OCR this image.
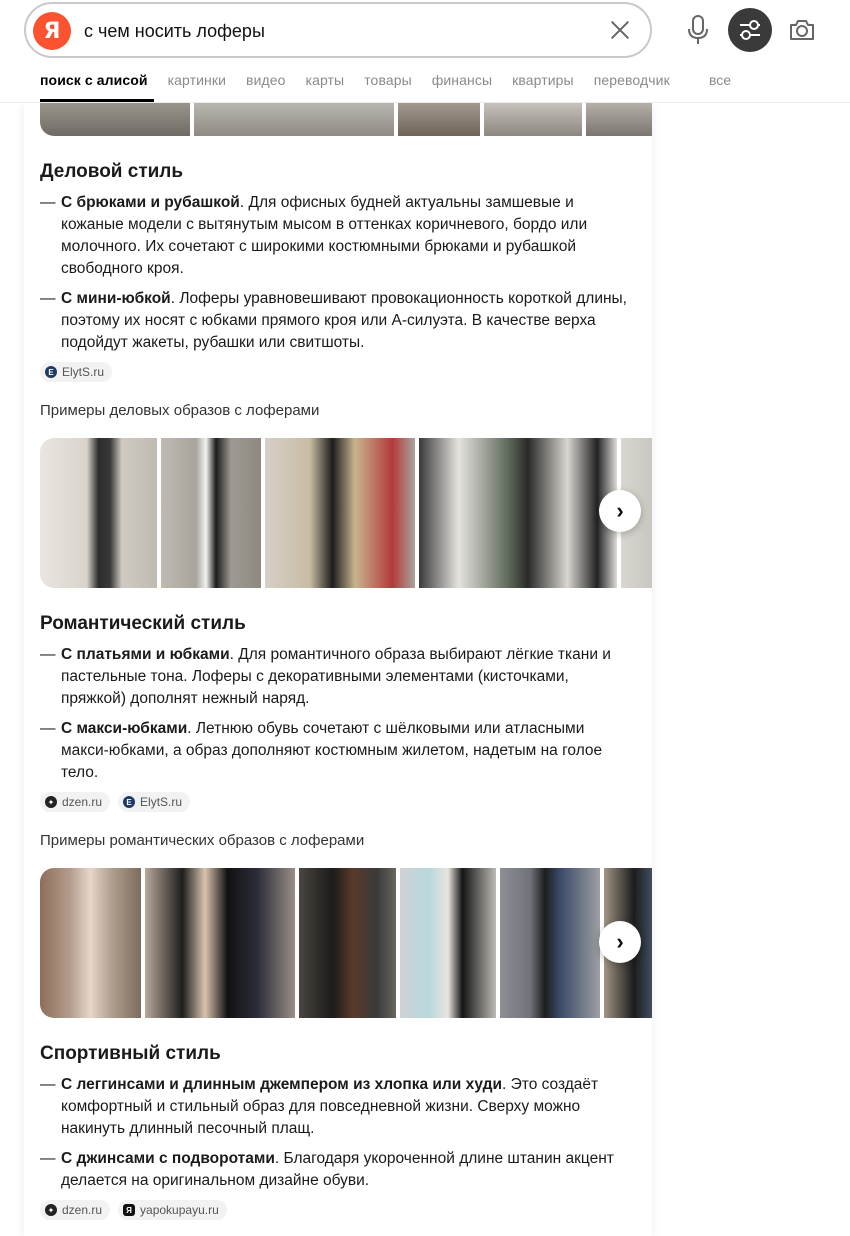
Я	с чем носить лоферы
поиск с алисой картинки видео карты товары финансы квартиры переводчик	все
Деловой стиль
— С брюками и рубашкой. Для офисных будней актуальны замшевые и кожаные модели с вытянутым мысом в оттенках коричневого, бордо или молочного. Их сочетают с широкими костюмными брюками и рубашкой свободного кроя.
— С мини-юбкой. Лоферы уравновешивают провокационность короткой длины, поэтому их носят с юбками прямого кроя или А-силуэта. В качестве верха подойдут жакеты, рубашки или свитшоты.
E ElytS.ru
Примеры деловых образов с лоферами
›
Романтический стиль
— С платьями и юбками. Для романтичного образа выбирают лёгкие ткани и пастельные тона. Лоферы с декоративными элементами (кисточками, пряжкой) дополнят нежный наряд.
— С макси-юбками. Летнюю обувь сочетают с шёлковыми или атласными макси-юбками, а образ дополняют костюмным жилетом, надетым на голое тело.
✦ dzen.ru	E ElytS.ru
Примеры романтических образов с лоферами
›
Спортивный стиль
— С леггинсами и длинным джемпером из хлопка или худи. Это создаёт комфортный и стильный образ для повседневной жизни. Сверху можно накинуть длинный песочный плащ.
— С джинсами с подворотами. Благодаря укороченной длине штанин акцент делается на оригинальном дизайне обуви.
✦ dzen.ru	Я yapokupayu.ru
